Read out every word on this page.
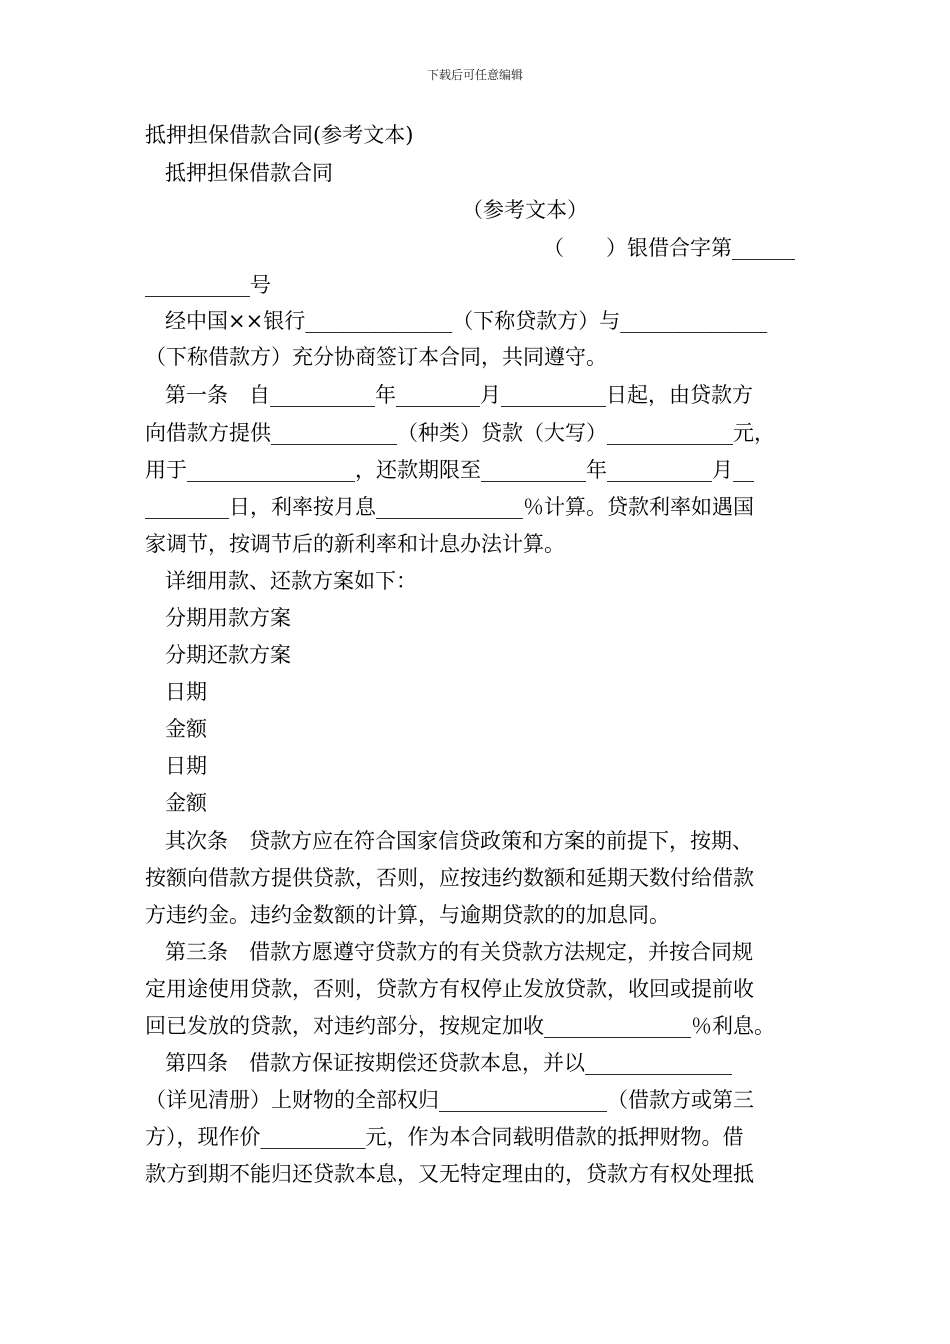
下载后可任意编辑
抵押担保借款合同(参考文本)
抵押担保借款合同
（参考文本）
（　　）银借合字第______
__________号
经中国××银行______________（下称贷款方）与______________
（下称借款方）充分协商签订本合同，共同遵守。
第一条　自__________年________月__________日起，由贷款方
向借款方提供____________（种类）贷款（大写）____________元，
用于________________，还款期限至__________年__________月__
________日，利率按月息______________％计算。贷款利率如遇国
家调节，按调节后的新利率和计息办法计算。
详细用款、还款方案如下：
分期用款方案
分期还款方案
日期
金额
日期
金额
其次条　贷款方应在符合国家信贷政策和方案的前提下，按期、
按额向借款方提供贷款，否则，应按违约数额和延期天数付给借款
方违约金。违约金数额的计算，与逾期贷款的的加息同。
第三条　借款方愿遵守贷款方的有关贷款方法规定，并按合同规
定用途使用贷款，否则，贷款方有权停止发放贷款，收回或提前收
回已发放的贷款，对违约部分，按规定加收______________％利息。
第四条　借款方保证按期偿还贷款本息，并以______________
（详见清册）上财物的全部权归________________（借款方或第三
方），现作价__________元，作为本合同载明借款的抵押财物。借
款方到期不能归还贷款本息，又无特定理由的，贷款方有权处理抵
